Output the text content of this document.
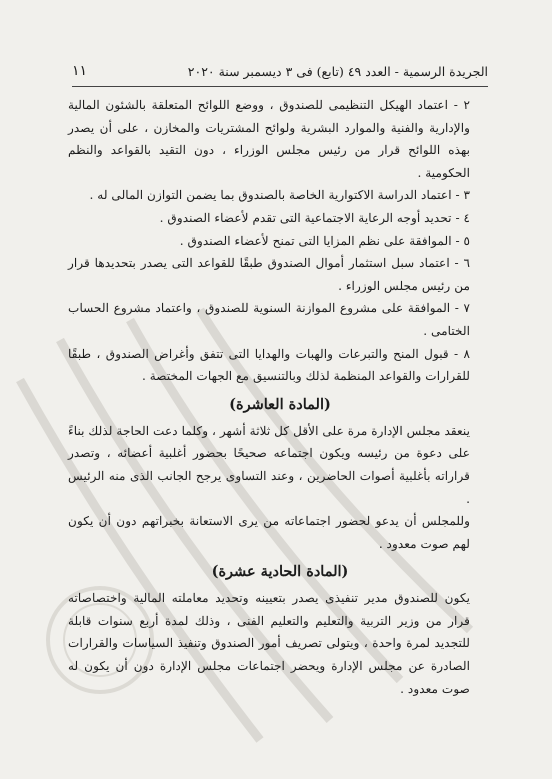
الجريدة الرسمية - العدد ٤٩ (تابع) فى ٣ ديسمبر سنة ٢٠٢٠
١١

٢ - اعتماد الهيكل التنظيمى للصندوق ، ووضع اللوائح المتعلقة بالشئون المالية والإدارية والفنية والموارد البشرية ولوائح المشتريات والمخازن ، على أن يصدر بهذه اللوائح قرار من رئيس مجلس الوزراء ، دون التقيد بالقواعد والنظم الحكومية .

٣ - اعتماد الدراسة الاكتوارية الخاصة بالصندوق بما يضمن التوازن المالى له .

٤ - تحديد أوجه الرعاية الاجتماعية التى تقدم لأعضاء الصندوق .

٥ - الموافقة على نظم المزايا التى تمنح لأعضاء الصندوق .

٦ - اعتماد سبل استثمار أموال الصندوق طبقًا للقواعد التى يصدر بتحديدها قرار من رئيس مجلس الوزراء .

٧ - الموافقة على مشروع الموازنة السنوية للصندوق ، واعتماد مشروع الحساب الختامى .

٨ - قبول المنح والتبرعات والهبات والهدايا التى تتفق وأغراض الصندوق ، طبقًا للقرارات والقواعد المنظمة لذلك وبالتنسيق مع الجهات المختصة .

(المادة العاشرة)

ينعقد مجلس الإدارة مرة على الأقل كل ثلاثة أشهر ، وكلما دعت الحاجة لذلك بناءً على دعوة من رئيسه ويكون اجتماعه صحيحًا بحضور أغلبية أعضائه ، وتصدر قراراته بأغلبية أصوات الحاضرين ، وعند التساوى يرجح الجانب الذى منه الرئيس .

وللمجلس أن يدعو لحضور اجتماعاته من يرى الاستعانة بخبراتهم دون أن يكون لهم صوت معدود .

(المادة الحادية عشرة)

يكون للصندوق مدير تنفيذى يصدر بتعيينه وتحديد معاملته المالية واختصاصاته قرار من وزير التربية والتعليم والتعليم الفنى ، وذلك لمدة أربع سنوات قابلة للتجديد لمرة واحدة ، ويتولى تصريف أمور الصندوق وتنفيذ السياسات والقرارات الصادرة عن مجلس الإدارة ويحضر اجتماعات مجلس الإدارة دون أن يكون له صوت معدود .
